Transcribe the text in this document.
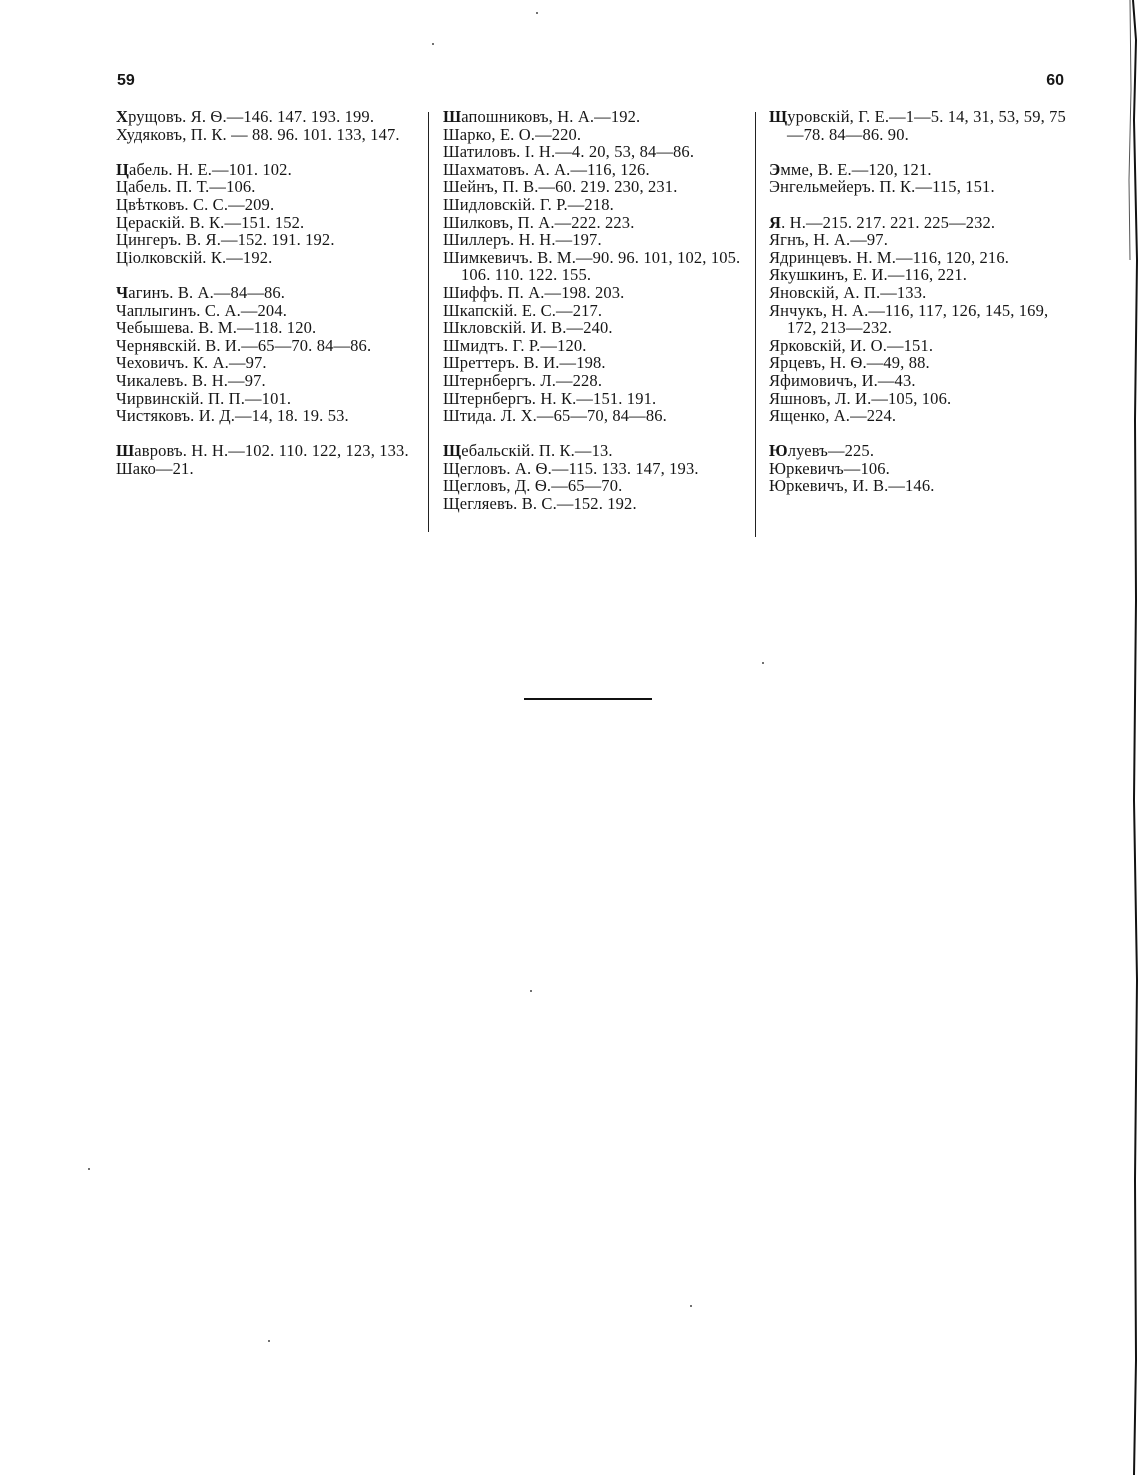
59	60

Хрущовъ. Я. Ѳ.—146. 147. 193. 199.

Худяковъ, П. К. — 88. 96. 101. 133, 147.

Цабель. Н. Е.—101. 102.

Цабель. П. Т.—106.

Цвѣтковъ. С. С.—209.

Цераскій. В. К.—151. 152.

Цингеръ. В. Я.—152. 191. 192.

Ціолковскій. К.—192.

Чагинъ. В. А.—84—86.

Чаплыгинъ. С. А.—204.

Чебышева. В. М.—118. 120.

Чернявскій. В. И.—65—70. 84—86.

Чеховичъ. К. А.—97.

Чикалевъ. В. Н.—97.

Чирвинскій. П. П.—101.

Чистяковъ. И. Д.—14, 18. 19. 53.

Шавровъ. Н. Н.—102. 110. 122, 123, 133.

Шако—21.

Шапошниковъ, Н. А.—192.

Шарко, Е. О.—220.

Шатиловъ. I. Н.—4. 20, 53, 84—86.

Шахматовъ. А. А.—116, 126.

Шейнъ, П. В.—60. 219. 230, 231.

Шидловскій. Г. Р.—218.

Шилковъ, П. А.—222. 223.

Шиллеръ. Н. Н.—197.

Шимкевичъ. В. М.—90. 96. 101, 102, 105. 106. 110. 122. 155.

Шиффъ. П. А.—198. 203.

Шкапскій. Е. С.—217.

Шкловскій. И. В.—240.

Шмидтъ. Г. Р.—120.

Шреттеръ. В. И.—198.

Штернбергъ. Л.—228.

Штернбергъ. Н. К.—151. 191.

Штида. Л. Х.—65—70, 84—86.

Щебальскій. П. К.—13.

Щегловъ. А. Ѳ.—115. 133. 147, 193.

Щегловъ, Д. Ѳ.—65—70.

Щегляевъ. В. С.—152. 192.

Щуровскій, Г. Е.—1—5. 14, 31, 53, 59, 75—78. 84—86. 90.

Эмме, В. Е.—120, 121.

Энгельмейеръ. П. К.—115, 151.

Я. Н.—215. 217. 221. 225—232.

Ягнъ, Н. А.—97.

Ядринцевъ. Н. М.—116, 120, 216.

Якушкинъ, Е. И.—116, 221.

Яновскій, А. П.—133.

Янчукъ, Н. А.—116, 117, 126, 145, 169, 172, 213—232.

Ярковскій, И. О.—151.

Ярцевъ, Н. Ѳ.—49, 88.

Яфимовичъ, И.—43.

Яшновъ, Л. И.—105, 106.

Ященко, А.—224.

Юлуевъ—225.

Юркевичъ—106.

Юркевичъ, И. В.—146.
